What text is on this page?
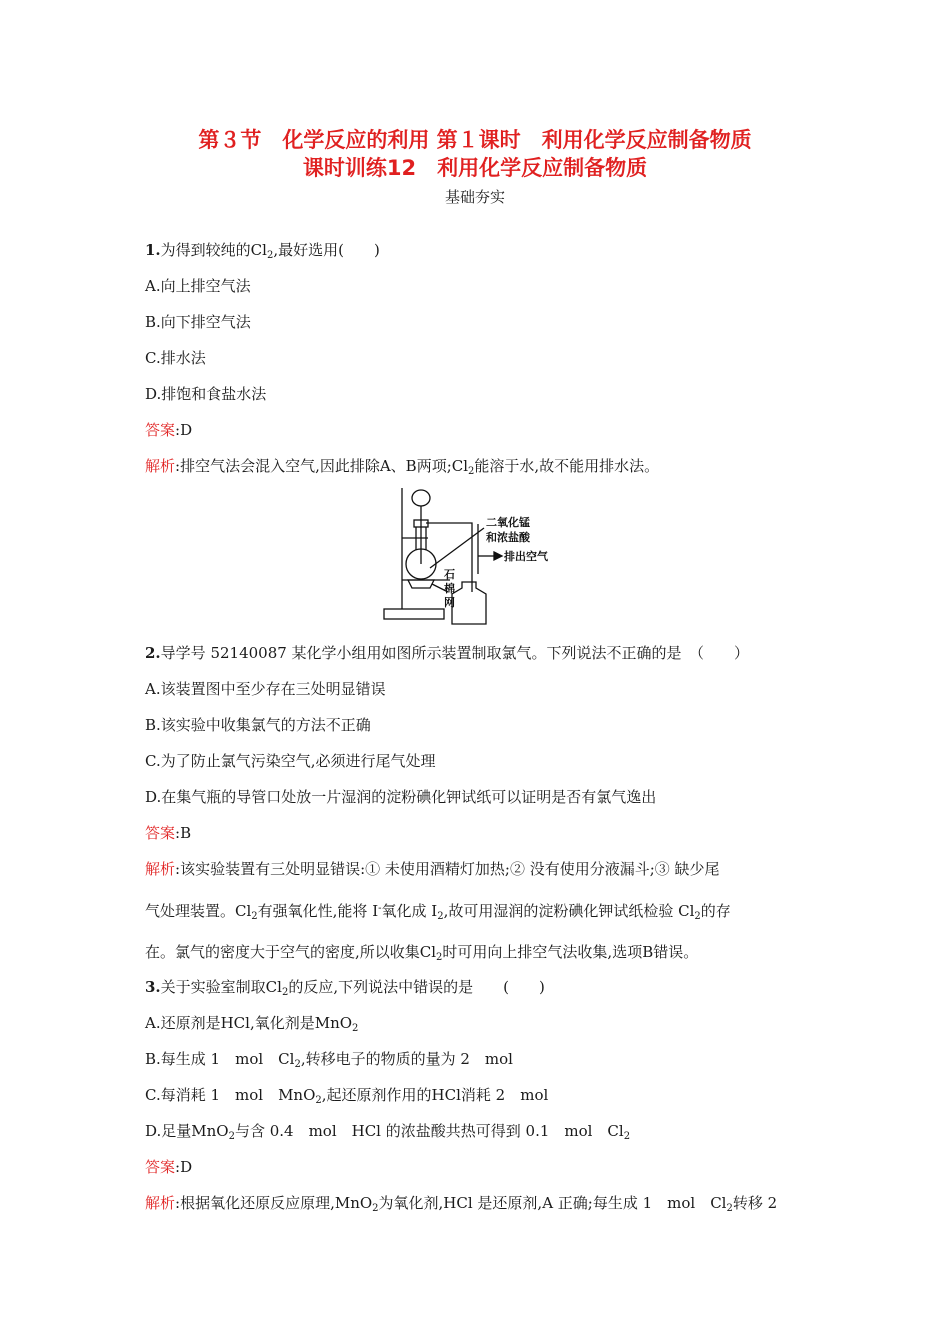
第３节　化学反应的利用 第１课时　利用化学反应制备物质
课时训练12　利用化学反应制备物质
基础夯实
1.为得到较纯的$Cl_2$,最好选用(　　)
A.向上排空气法
B.向下排空气法
C.排水法
D.排饱和食盐水法
答案:D
解析:排空气法会混入空气,因此排除A、B两项$;Cl_2$能溶于水,故不能用排水法。
二氧化锰
和浓盐酸
排出空气
石
棉
网
2.导学号 52140087 某化学小组用如图所示装置制取氯气。下列说法不正确的是　（　　）
A.该装置图中至少存在三处明显错误
B.该实验中收集氯气的方法不正确
C.为了防止氯气污染空气,必须进行尾气处理
D.在集气瓶的导管口处放一片湿润的淀粉碘化钾试纸可以证明是否有氯气逸出
答案:B
解析:该实验装置有三处明显错误:① 未使用酒精灯加热;② 没有使用分液漏斗;③ 缺少尾
气处理装置。$Cl_2$有强氧化性,能将 I-氧化成 $I_2$,故可用湿润的淀粉碘化钾试纸检验 $Cl_2$的存
在。氯气的密度大于空气的密度,所以收集$Cl_2$时可用向上排空气法收集,选项B错误。
3.关于实验室制取$Cl_2$的反应,下列说法中错误的是　　(　　)
A.还原剂是HCl,氧化剂是MnO$_2$
B.每生成 1　mol　$Cl_2$,转移电子的物质的量为 2　mol
C.每消耗 1　mol　MnO$_2$,起还原剂作用的HCl消耗 2　mol
D.足量MnO$_2$与含 0.4　mol　HCl 的浓盐酸共热可得到 0.1　mol　$Cl_2$
答案:D
解析:根据氧化还原反应原理,MnO$_2$为氧化剂,HCl 是还原剂,A 正确;每生成 1　mol　$Cl_2$转移 2
